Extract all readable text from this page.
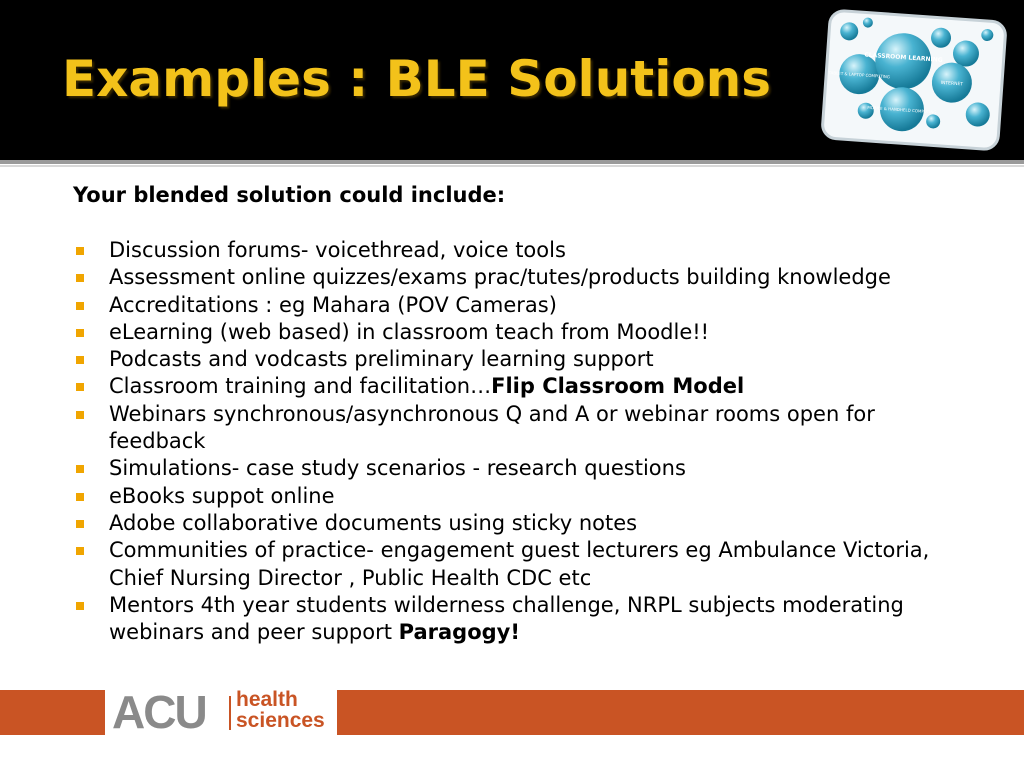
Examples : BLE Solutions	CLASSROOM LEARNING
TABLET & LAPTOP COMPUTING
INTERNET
MOBILE & HANDHELD COMPUTING

Your blended solution could include:

Discussion forums- voicethread, voice tools
Assessment online quizzes/exams prac/tutes/products building knowledge
Accreditations : eg Mahara (POV Cameras)
eLearning (web based) in classroom teach from Moodle!!
Podcasts and vodcasts preliminary learning support
Classroom training and facilitation…Flip Classroom Model
Webinars synchronous/asynchronous Q and A or webinar rooms open for feedback
Simulations- case study scenarios - research questions
eBooks suppot online
Adobe collaborative documents using sticky notes
Communities of practice- engagement guest lecturers eg Ambulance Victoria, Chief Nursing Director , Public Health CDC etc
Mentors 4th year students wilderness challenge, NRPL subjects moderating webinars and peer support Paragogy!
ACU health
sciences
